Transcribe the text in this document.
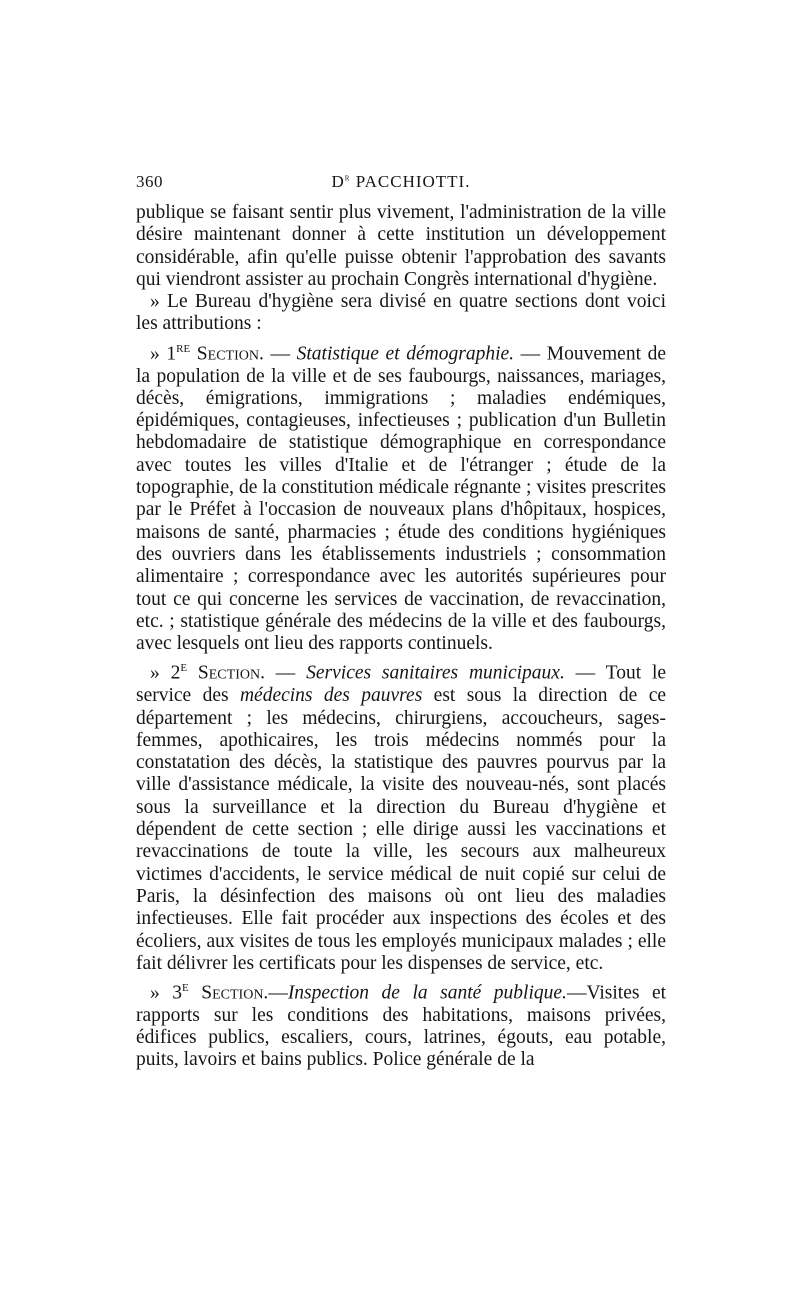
360	$D^r$ PACCHIOTTI.

publique se faisant sentir plus vivement, l'administration de la ville désire maintenant donner à cette institution un développement considérable, afin qu'elle puisse obtenir l'approbation des savants qui viendront assister au prochain Congrès international d'hygiène.

» Le Bureau d'hygiène sera divisé en quatre sections dont voici les attributions :

» 1re Section. — Statistique et démographie. — Mouvement de la population de la ville et de ses faubourgs, naissances, mariages, décès, émigrations, immigrations ; maladies endémiques, épidémiques, contagieuses, infectieuses ; publication d'un Bulletin hebdomadaire de statistique démographique en correspondance avec toutes les villes d'Italie et de l'étranger ; étude de la topographie, de la constitution médicale régnante ; visites prescrites par le Préfet à l'occasion de nouveaux plans d'hôpitaux, hospices, maisons de santé, pharmacies ; étude des conditions hygiéniques des ouvriers dans les établissements industriels ; consommation alimentaire ; correspondance avec les autorités supérieures pour tout ce qui concerne les services de vaccination, de revaccination, etc. ; statistique générale des médecins de la ville et des faubourgs, avec lesquels ont lieu des rapports continuels.

» 2e Section. — Services sanitaires municipaux. — Tout le service des médecins des pauvres est sous la direction de ce département ; les médecins, chirurgiens, accoucheurs, sages-femmes, apothicaires, les trois médecins nommés pour la constatation des décès, la statistique des pauvres pourvus par la ville d'assistance médicale, la visite des nouveau-nés, sont placés sous la surveillance et la direction du Bureau d'hygiène et dépendent de cette section ; elle dirige aussi les vaccinations et revaccinations de toute la ville, les secours aux malheureux victimes d'accidents, le service médical de nuit copié sur celui de Paris, la désinfection des maisons où ont lieu des maladies infectieuses. Elle fait procéder aux inspections des écoles et des écoliers, aux visites de tous les employés municipaux malades ; elle fait délivrer les certificats pour les dispenses de service, etc.

» 3e Section.—Inspection de la santé publique.—Visites et rapports sur les conditions des habitations, maisons privées, édifices publics, escaliers, cours, latrines, égouts, eau potable, puits, lavoirs et bains publics. Police générale de la
